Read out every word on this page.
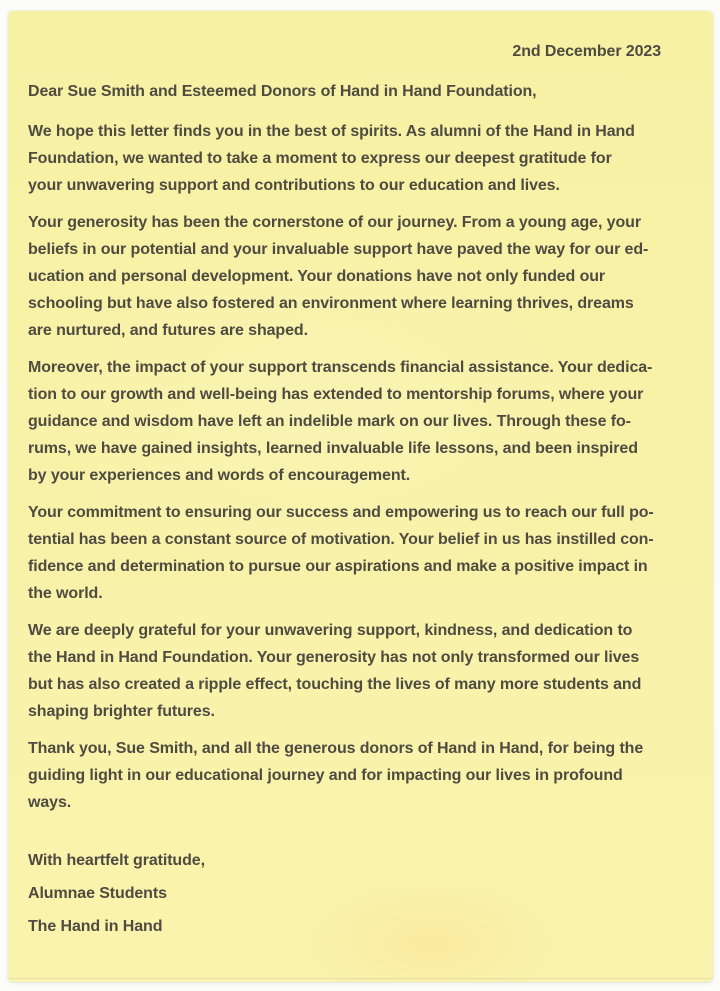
2nd December 2023
Dear Sue Smith and Esteemed Donors of Hand in Hand Foundation,
We hope this letter finds you in the best of spirits. As alumni of the Hand in Hand
Foundation, we wanted to take a moment to express our deepest gratitude for
your unwavering support and contributions to our education and lives.
Your generosity has been the cornerstone of our journey. From a young age, your
beliefs in our potential and your invaluable support have paved the way for our ed-
ucation and personal development. Your donations have not only funded our
schooling but have also fostered an environment where learning thrives, dreams
are nurtured, and futures are shaped.
Moreover, the impact of your support transcends financial assistance. Your dedica-
tion to our growth and well-being has extended to mentorship forums, where your
guidance and wisdom have left an indelible mark on our lives. Through these fo-
rums, we have gained insights, learned invaluable life lessons, and been inspired
by your experiences and words of encouragement.
Your commitment to ensuring our success and empowering us to reach our full po-
tential has been a constant source of motivation. Your belief in us has instilled con-
fidence and determination to pursue our aspirations and make a positive impact in
the world.
We are deeply grateful for your unwavering support, kindness, and dedication to
the Hand in Hand Foundation. Your generosity has not only transformed our lives
but has also created a ripple effect, touching the lives of many more students and
shaping brighter futures.
Thank you, Sue Smith, and all the generous donors of Hand in Hand, for being the
guiding light in our educational journey and for impacting our lives in profound
ways.
With heartfelt gratitude,
Alumnae Students
The Hand in Hand
